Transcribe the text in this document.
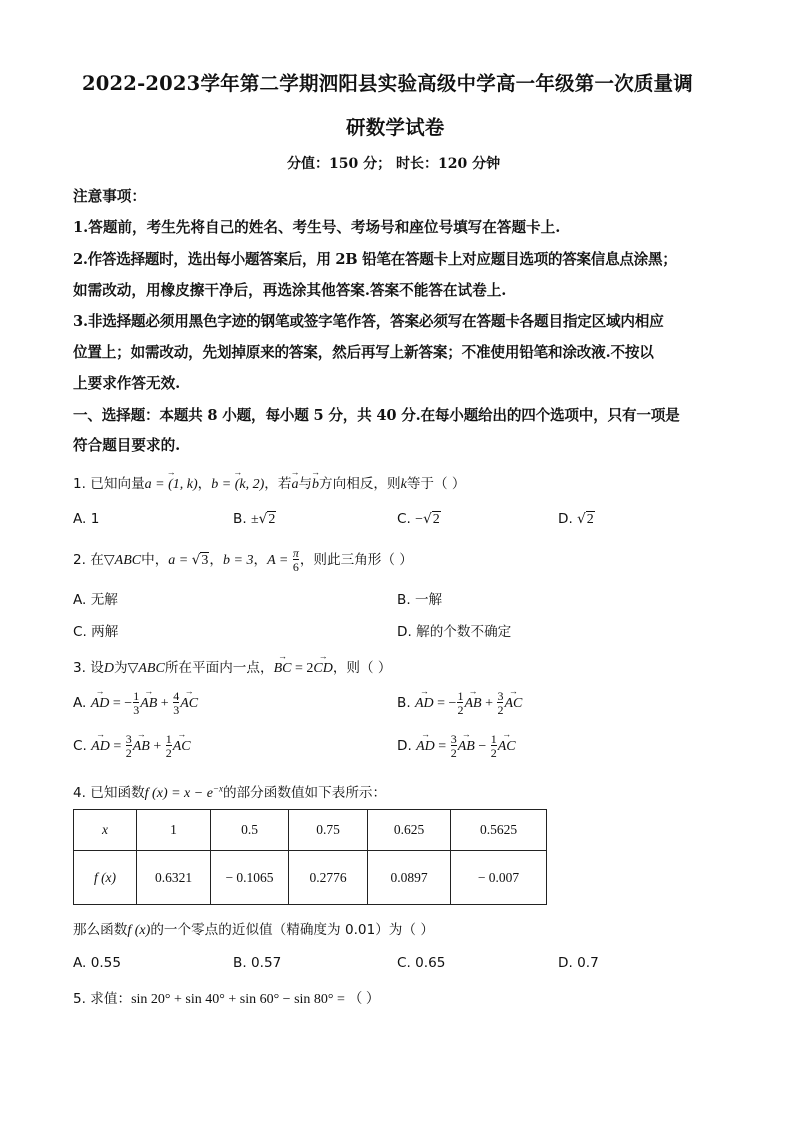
2022-2023学年第二学期泗阳县实验高级中学高一年级第一次质量调
研数学试卷
分值：150 分； 时长：120 分钟
注意事项：
1.答题前，考生先将自己的姓名、考生号、考场号和座位号填写在答题卡上.
2.作答选择题时，选出每小题答案后，用 2B 铅笔在答题卡上对应题目选项的答案信息点涂黑；
如需改动，用橡皮擦干净后，再选涂其他答案.答案不能答在试卷上.
3.非选择题必须用黑色字迹的钢笔或签字笔作答，答案必须写在答题卡各题目指定区域内相应
位置上；如需改动，先划掉原来的答案，然后再写上新答案；不准使用铅笔和涂改液.不按以
上要求作答无效.
一、选择题：本题共 8 小题，每小题 5 分，共 40 分.在每小题给出的四个选项中，只有一项是
符合题目要求的.
1. 已知向量→ a = (1, k)，→ b = (k, 2)，若→ a与→ b方向相反，则k等于（ ）
A. 1	B. ±√2	C. −√2	D. √2
2. 在▽ABC中，a = √3，b = 3，$A = \frac{\pi}{6}$ ，则此三角形（ ）
A. 无解	B. 一解
C. 两解	D. 解的个数不确定
3. 设D为▽ABC所在平面内一点，→ BC = 2→ CD，则（ ）
A. → AD = − $\frac{1}{3}$ → AB + $\frac{4}{3}$ → AC	B. → AD = − $\frac{1}{2}$ → AB + $\frac{3}{2}$ → AC
C. → AD = $\frac{3}{2}$ → AB + $\frac{1}{2}$ → AC	D. → AD = $\frac{3}{2}$ → AB − $\frac{1}{2}$ → AC
4. 已知函数f $(x) = x - e^{-x}$的部分函数值如下表所示：
x	1	0.5	0.75	0.625	0.5625
f (x)	0.6321	− 0.1065	0.2776	0.0897	− 0.007
那么函数f (x)的一个零点的近似值（精确度为 0.01）为（ ）
A. 0.55	B. 0.57	C. 0.65	D. 0.7
5. 求值：sin 20° + sin 40° + sin 60° − sin 80° = （ ）
